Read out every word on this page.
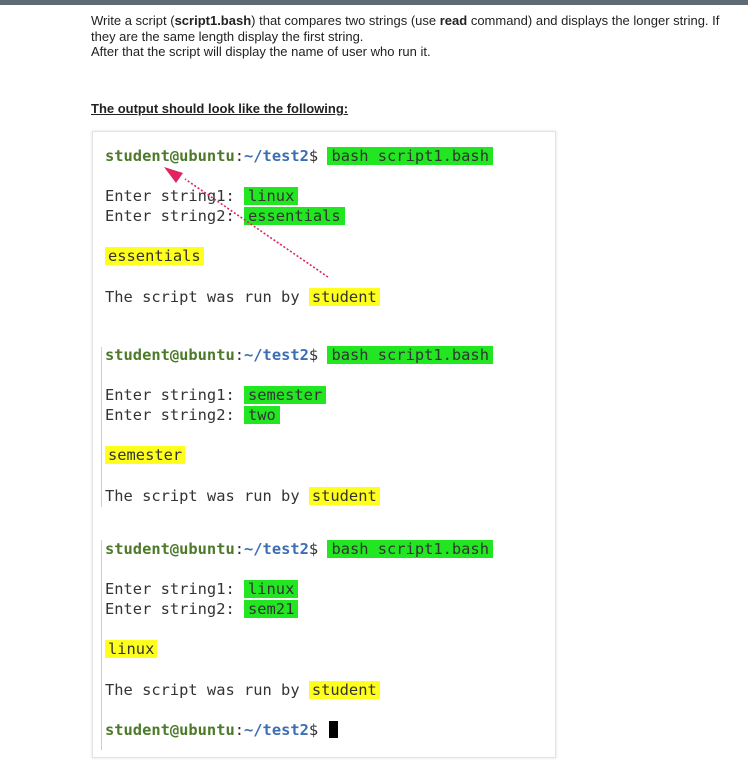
Write a script (script1.bash) that compares two strings (use read command) and displays the longer string. If they are the same length display the first string.

After that the script will display the name of user who run it.

The output should look like the following:
student@ubuntu:~/test2$ bash script1.bash
Enter string1: linux
Enter string2: essentials
essentials
The script was run by student
student@ubuntu:~/test2$ bash script1.bash
Enter string1: semester
Enter string2: two
semester
The script was run by student
student@ubuntu:~/test2$ bash script1.bash
Enter string1: linux
Enter string2: sem21
linux
The script was run by student
student@ubuntu:~/test2$
